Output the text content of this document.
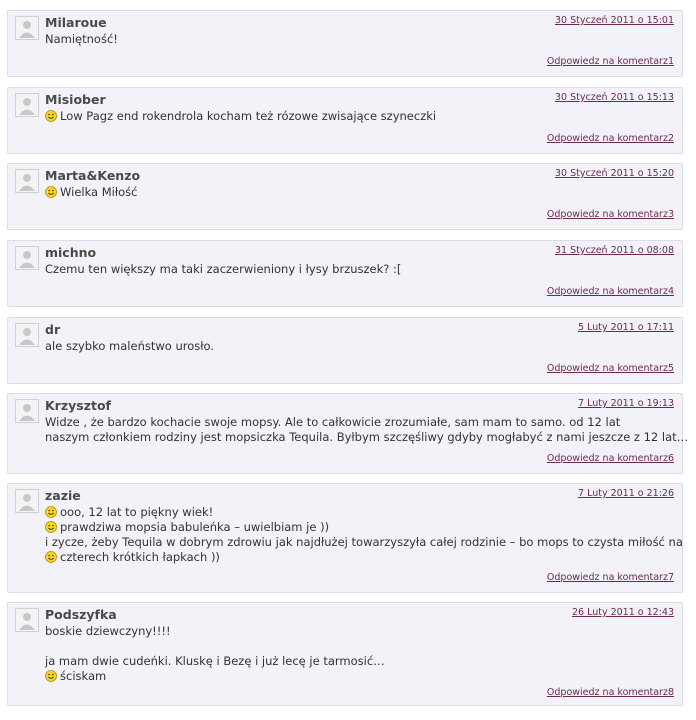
Milaroue	30 Styczeń 2011 o 15:01
Namiętność!
Odpowiedz na komentarz1
Misiober	30 Styczeń 2011 o 15:13
Low Pagz end rokendrola kocham też rózowe zwisające szyneczki
Odpowiedz na komentarz2
Marta&Kenzo	30 Styczeń 2011 o 15:20
Wielka Miłość
Odpowiedz na komentarz3
michno	31 Styczeń 2011 o 08:08
Czemu ten większy ma taki zaczerwieniony i łysy brzuszek? :[
Odpowiedz na komentarz4
dr	5 Luty 2011 o 17:11
ale szybko maleństwo urosło.
Odpowiedz na komentarz5
Krzysztof	7 Luty 2011 o 19:13
Widze , że bardzo kochacie swoje mopsy. Ale to całkowicie zrozumiałe, sam mam to samo. od 12 lat
naszym członkiem rodziny jest mopsiczka Tequila. Byłbym szczęśliwy gdyby mogłabyć z nami jeszcze z 12 lat…
Odpowiedz na komentarz6
zazie	7 Luty 2011 o 21:26
ooo, 12 lat to piękny wiek!
prawdziwa mopsia babuleńka – uwielbiam je ))
i zycze, żeby Tequila w dobrym zdrowiu jak najdłużej towarzyszyła całej rodzinie – bo mops to czysta miłość na
czterech krótkich łapkach ))
Odpowiedz na komentarz7
Podszyfka	26 Luty 2011 o 12:43
boskie dziewczyny!!!!
ja mam dwie cudeńki. Kluskę i Bezę i już lecę je tarmosić…
ściskam
Odpowiedz na komentarz8
